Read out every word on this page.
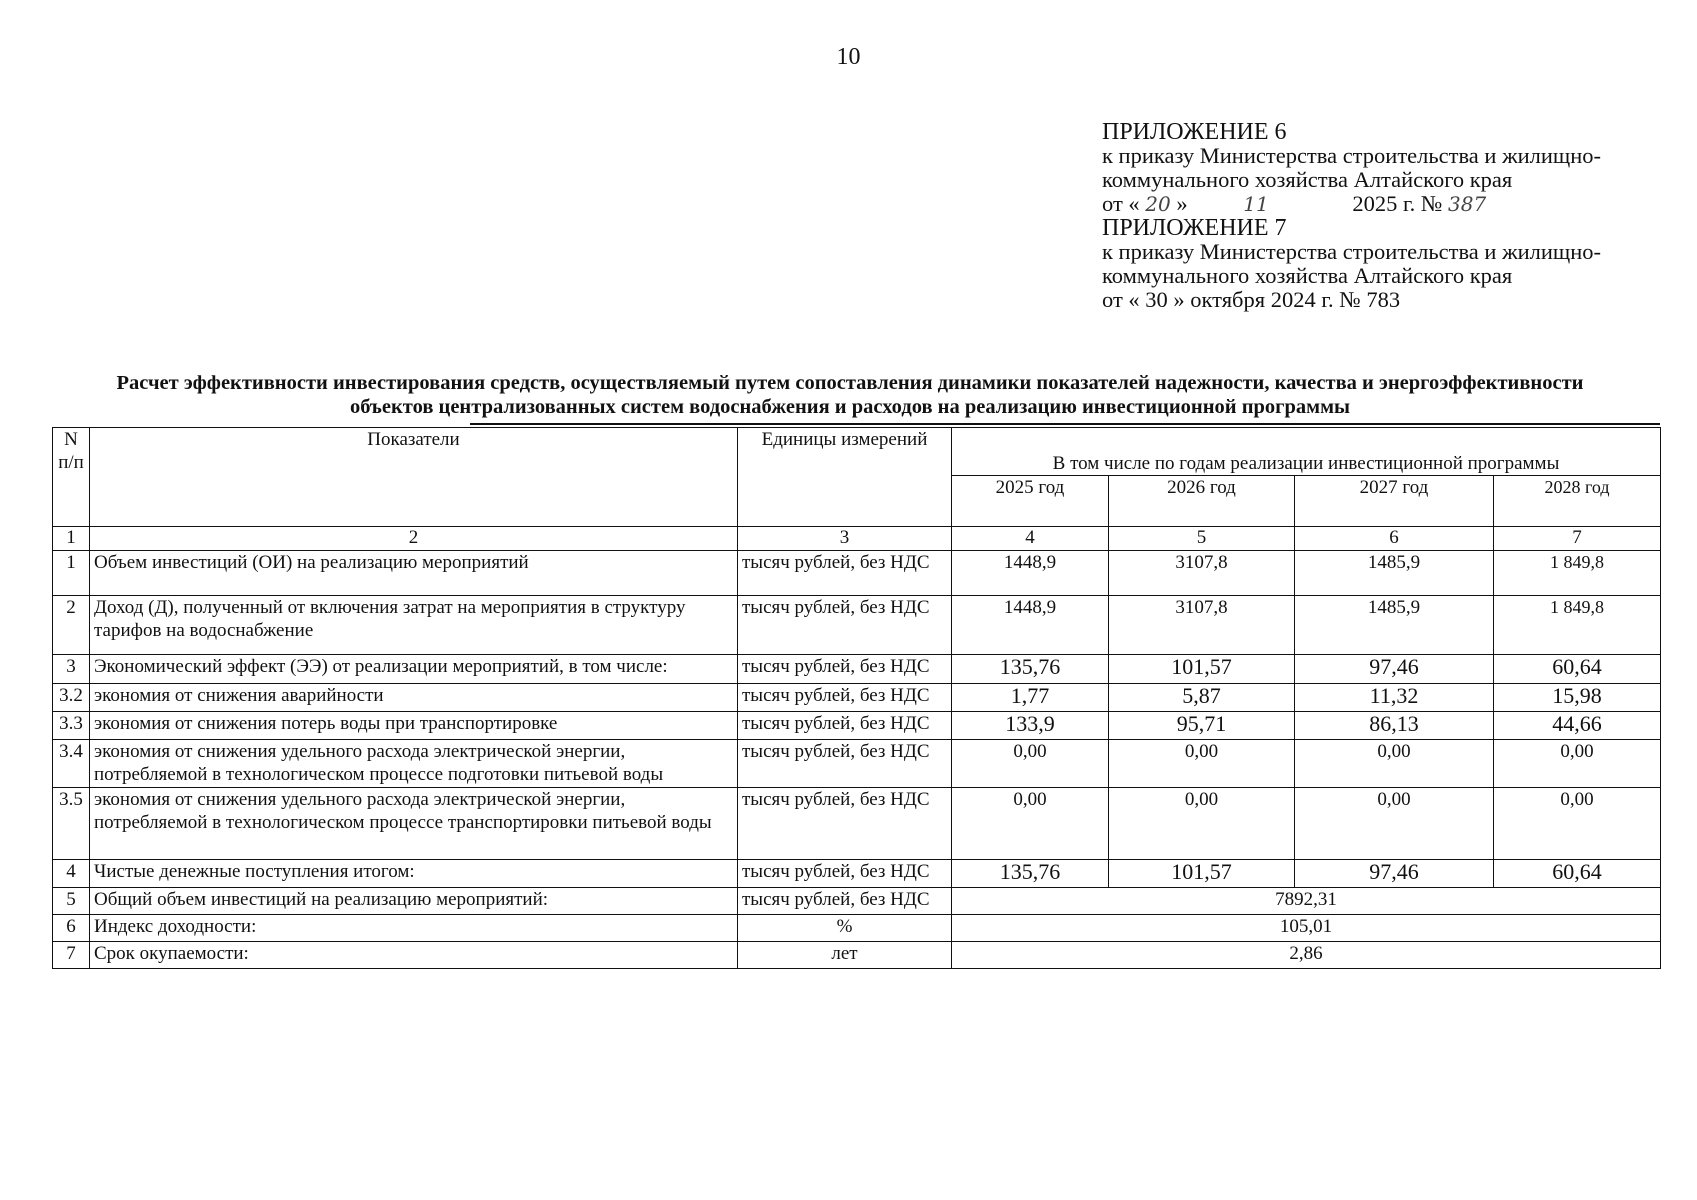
10
ПРИЛОЖЕНИЕ 6
к приказу Министерства строительства и жилищно-
коммунального хозяйства Алтайского края
от « 20 »	11	2025 г. № 387
ПРИЛОЖЕНИЕ 7
к приказу Министерства строительства и жилищно-
коммунального хозяйства Алтайского края
от « 30 » октября 2024 г. № 783
Расчет эффективности инвестирования средств, осуществляемый путем сопоставления динамики показателей надежности, качества и энергоэффективности
объектов централизованных систем водоснабжения и расходов на реализацию инвестиционной программы
N п/п	Показатели	Единицы измерений	В том числе по годам реализации инвестиционной программы			
			2025 год	2026 год	2027 год	2028 год
1	2	3	4	5	6	7
1	Объем инвестиций (ОИ) на реализацию мероприятий	тысяч рублей, без НДС	1448,9	3107,8	1485,9	1 849,8
2	Доход (Д), полученный от включения затрат на мероприятия в структуру тарифов на водоснабжение	тысяч рублей, без НДС	1448,9	3107,8	1485,9	1 849,8
3	Экономический эффект (ЭЭ) от реализации мероприятий, в том числе:	тысяч рублей, без НДС	135,76	101,57	97,46	60,64
3.2	экономия от снижения аварийности	тысяч рублей, без НДС	1,77	5,87	11,32	15,98
3.3	экономия от снижения потерь воды при транспортировке	тысяч рублей, без НДС	133,9	95,71	86,13	44,66
3.4	экономия от снижения удельного расхода электрической энергии, потребляемой в технологическом процессе подготовки питьевой воды	тысяч рублей, без НДС	0,00	0,00	0,00	0,00
3.5	экономия от снижения удельного расхода электрической энергии, потребляемой в технологическом процессе транспортировки питьевой воды	тысяч рублей, без НДС	0,00	0,00	0,00	0,00
4	Чистые денежные поступления итогом:	тысяч рублей, без НДС	135,76	101,57	97,46	60,64
5	Общий объем инвестиций на реализацию мероприятий:	тысяч рублей, без НДС	7892,31			
6	Индекс доходности:	%	105,01			
7	Срок окупаемости:	лет	2,86			
